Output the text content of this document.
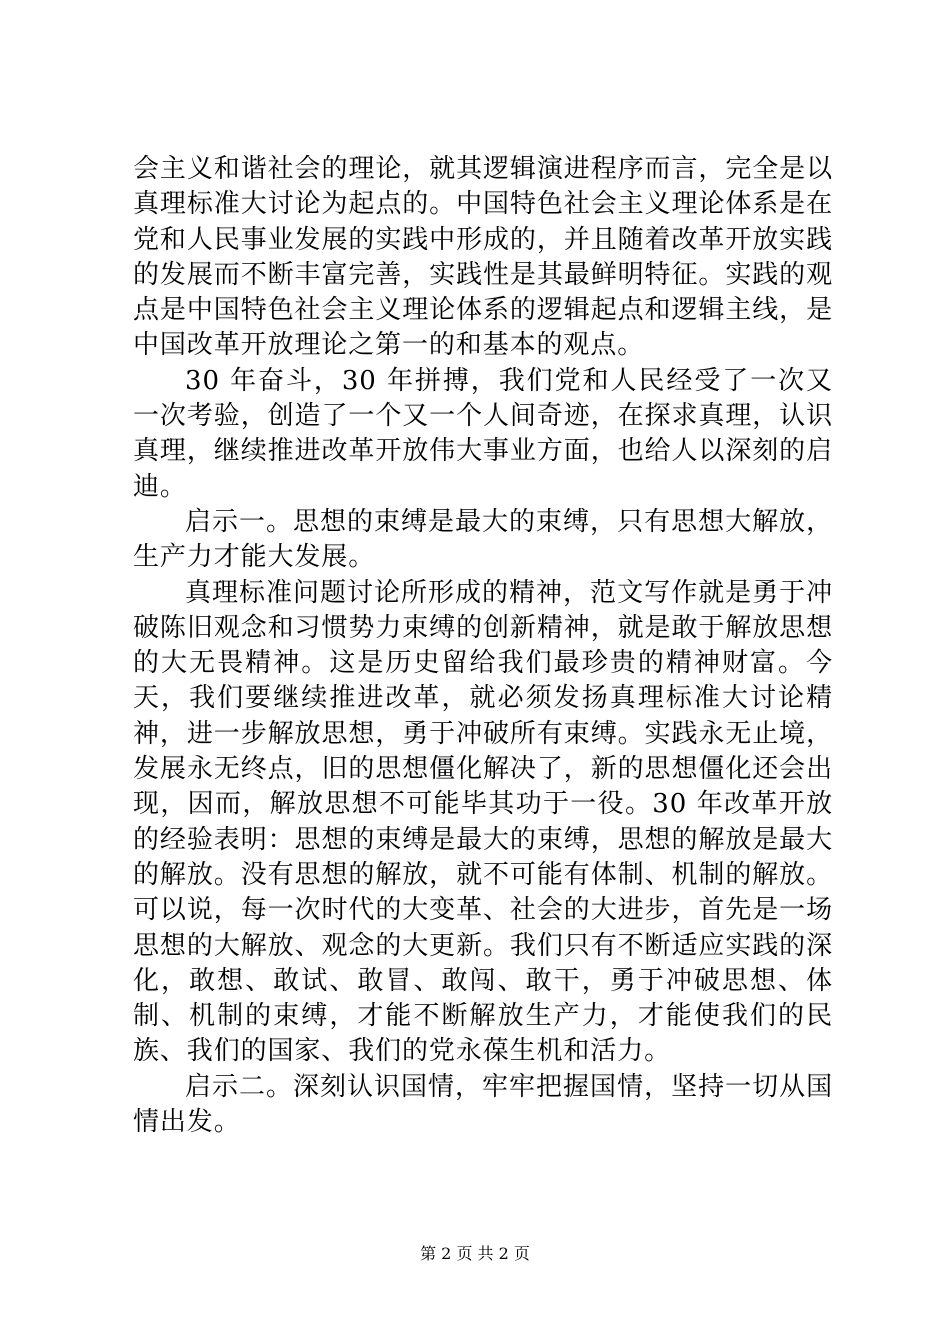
会主义和谐社会的理论，就其逻辑演进程序而言，完全是以真理标准大讨论为起点的。中国特色社会主义理论体系是在党和人民事业发展的实践中形成的，并且随着改革开放实践的发展而不断丰富完善，实践性是其最鲜明特征。实践的观点是中国特色社会主义理论体系的逻辑起点和逻辑主线，是中国改革开放理论之第一的和基本的观点。

30 年奋斗，30 年拼搏，我们党和人民经受了一次又一次考验，创造了一个又一个人间奇迹，在探求真理，认识真理，继续推进改革开放伟大事业方面，也给人以深刻的启迪。

启示一。思想的束缚是最大的束缚，只有思想大解放，生产力才能大发展。

真理标准问题讨论所形成的精神，范文写作就是勇于冲破陈旧观念和习惯势力束缚的创新精神，就是敢于解放思想的大无畏精神。这是历史留给我们最珍贵的精神财富。今天，我们要继续推进改革，就必须发扬真理标准大讨论精神，进一步解放思想，勇于冲破所有束缚。实践永无止境，发展永无终点，旧的思想僵化解决了，新的思想僵化还会出现，因而，解放思想不可能毕其功于一役。30 年改革开放的经验表明：思想的束缚是最大的束缚，思想的解放是最大的解放。没有思想的解放，就不可能有体制、机制的解放。可以说，每一次时代的大变革、社会的大进步，首先是一场思想的大解放、观念的大更新。我们只有不断适应实践的深化，敢想、敢试、敢冒、敢闯、敢干，勇于冲破思想、体制、机制的束缚，才能不断解放生产力，才能使我们的民族、我们的国家、我们的党永葆生机和活力。

启示二。深刻认识国情，牢牢把握国情，坚持一切从国情出发。

第 2 页 共 2 页
